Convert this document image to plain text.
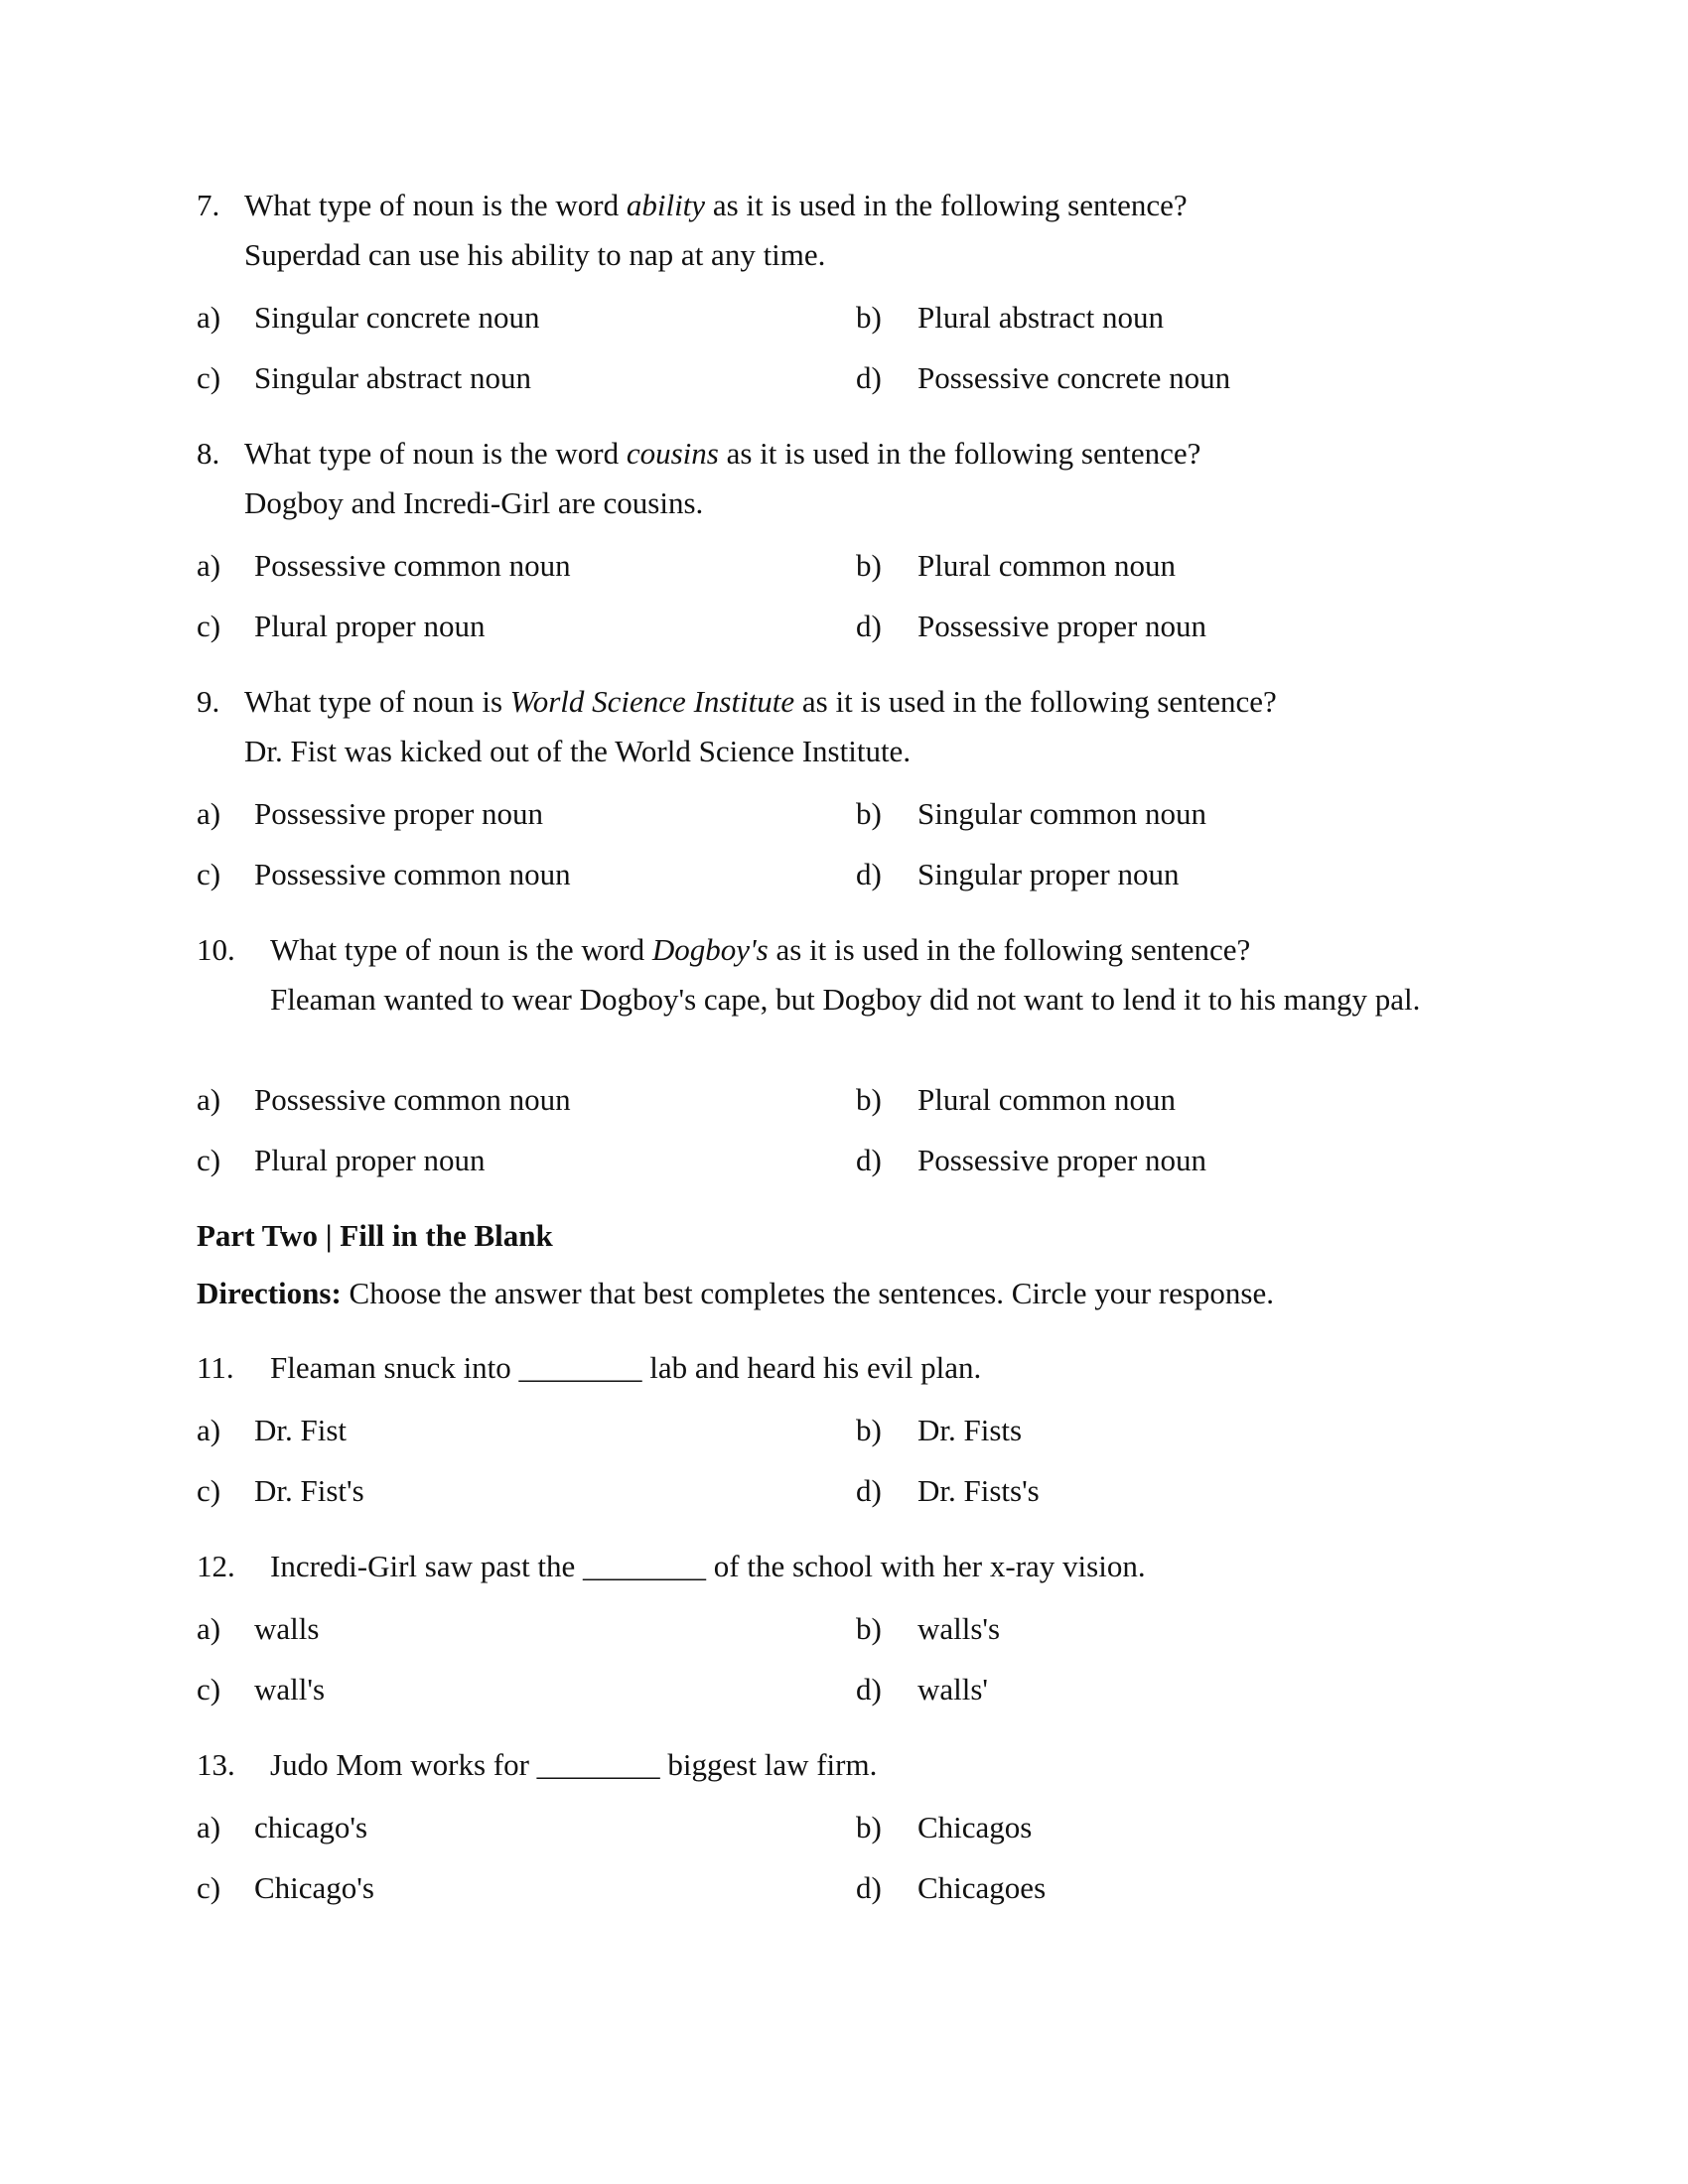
7. What type of noun is the word ability as it is used in the following sentence?
Superdad can use his ability to nap at any time.
a) Singular concrete noun	b) Plural abstract noun
c) Singular abstract noun	d) Possessive concrete noun
8. What type of noun is the word cousins as it is used in the following sentence?
Dogboy and Incredi-Girl are cousins.
a) Possessive common noun	b) Plural common noun
c) Plural proper noun	d) Possessive proper noun
9. What type of noun is World Science Institute as it is used in the following sentence?
Dr. Fist was kicked out of the World Science Institute.
a) Possessive proper noun	b) Singular common noun
c) Possessive common noun	d) Singular proper noun
10. What type of noun is the word Dogboy's as it is used in the following sentence?
Fleaman wanted to wear Dogboy's cape, but Dogboy did not want to lend it to his mangy pal.
a) Possessive common noun	b) Plural common noun
c) Plural proper noun	d) Possessive proper noun
Part Two | Fill in the Blank
Directions: Choose the answer that best completes the sentences. Circle your response.
11. Fleaman snuck into ________ lab and heard his evil plan.
a) Dr. Fist	b) Dr. Fists
c) Dr. Fist's	d) Dr. Fists's
12. Incredi-Girl saw past the ________ of the school with her x-ray vision.
a) walls	b) walls's
c) wall's	d) walls'
13. Judo Mom works for ________ biggest law firm.
a) chicago's	b) Chicagos
c) Chicago's	d) Chicagoes
